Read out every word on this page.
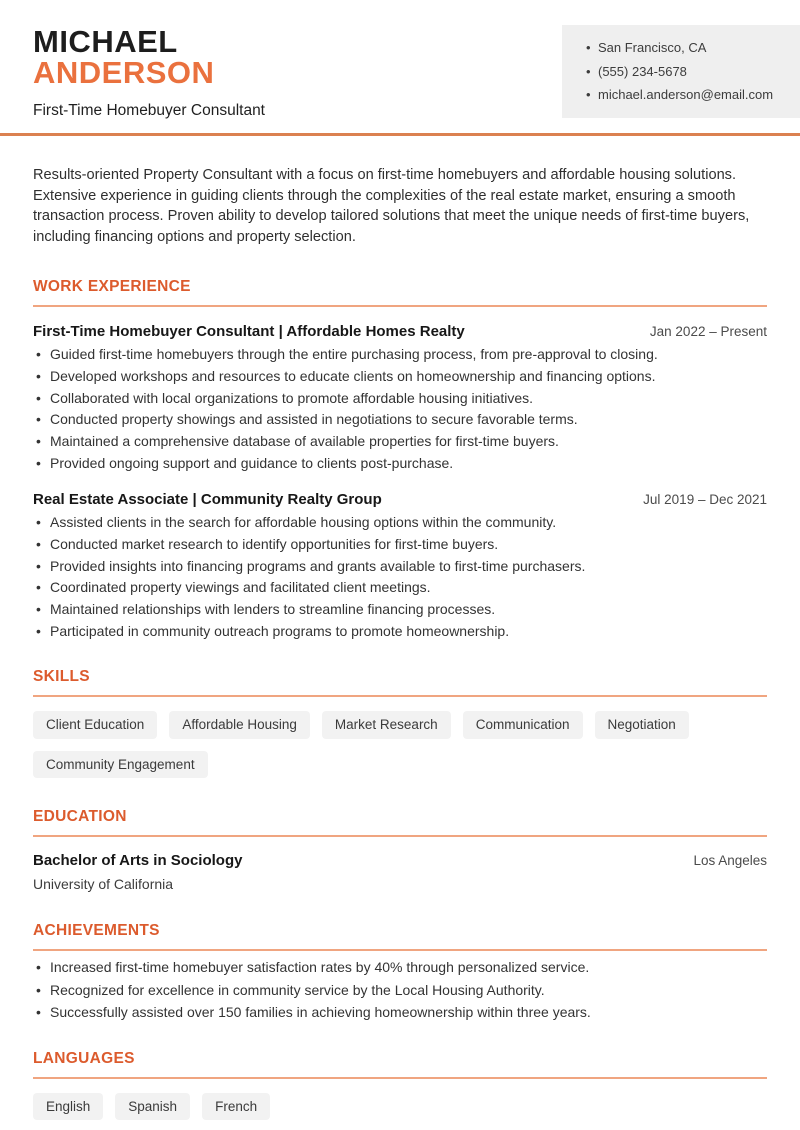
MICHAEL
ANDERSON
First-Time Homebuyer Consultant
• San Francisco, CA
• (555) 234-5678
• michael.anderson@email.com

Results-oriented Property Consultant with a focus on first-time homebuyers and affordable housing solutions. Extensive experience in guiding clients through the complexities of the real estate market, ensuring a smooth transaction process. Proven ability to develop tailored solutions that meet the unique needs of first-time buyers, including financing options and property selection.

WORK EXPERIENCE
First-Time Homebuyer Consultant | Affordable Homes Realty	Jan 2022 – Present
• Guided first-time homebuyers through the entire purchasing process, from pre-approval to closing.
• Developed workshops and resources to educate clients on homeownership and financing options.
• Collaborated with local organizations to promote affordable housing initiatives.
• Conducted property showings and assisted in negotiations to secure favorable terms.
• Maintained a comprehensive database of available properties for first-time buyers.
• Provided ongoing support and guidance to clients post-purchase.
Real Estate Associate | Community Realty Group	Jul 2019 – Dec 2021
• Assisted clients in the search for affordable housing options within the community.
• Conducted market research to identify opportunities for first-time buyers.
• Provided insights into financing programs and grants available to first-time purchasers.
• Coordinated property viewings and facilitated client meetings.
• Maintained relationships with lenders to streamline financing processes.
• Participated in community outreach programs to promote homeownership.
SKILLS
Client Education	Affordable Housing	Market Research	Communication	Negotiation
Community Engagement
EDUCATION
Bachelor of Arts in Sociology	Los Angeles
University of California
ACHIEVEMENTS
• Increased first-time homebuyer satisfaction rates by 40% through personalized service.
• Recognized for excellence in community service by the Local Housing Authority.
• Successfully assisted over 150 families in achieving homeownership within three years.
LANGUAGES
English	Spanish	French
